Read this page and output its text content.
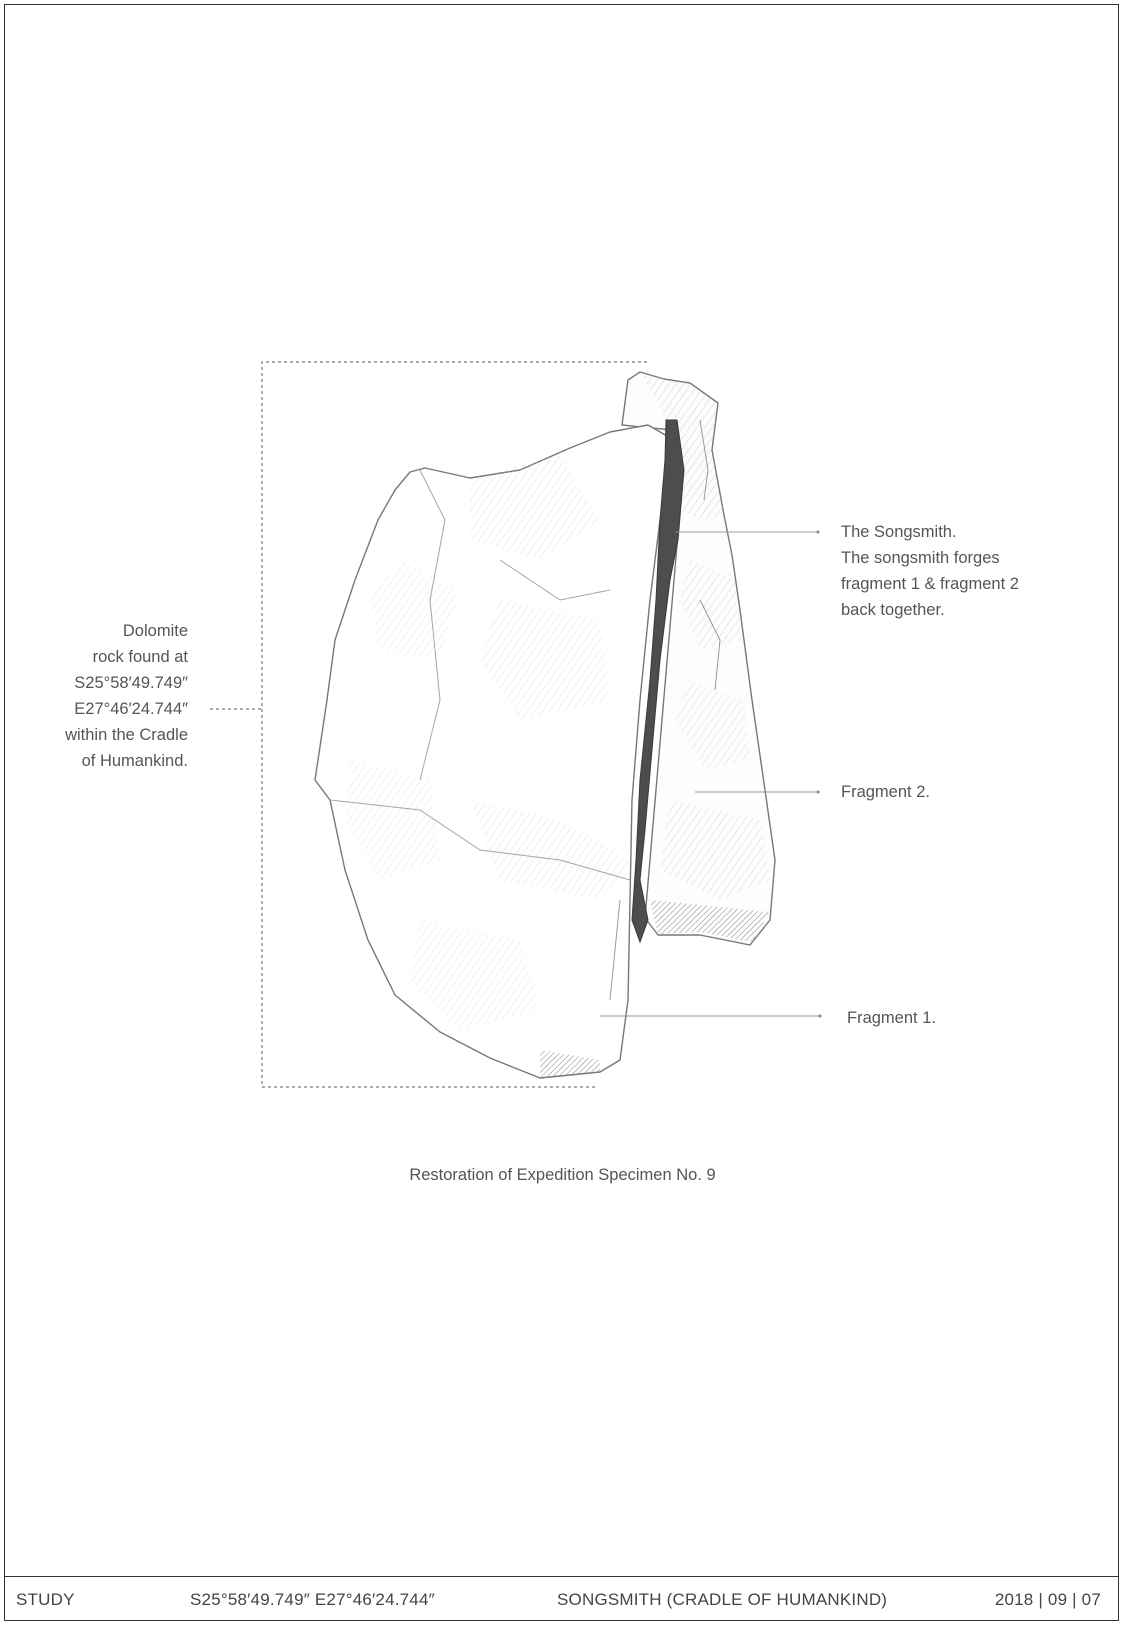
Dolomite
rock found at
S25°58′49.749″
E27°46′24.744″
within the Cradle
of Humankind.
The Songsmith.
The songsmith forges
fragment 1 & fragment 2
back together.
Fragment 2.
Fragment 1.
Restoration of Expedition Specimen No. 9
STUDY	S25°58′49.749″ E27°46′24.744″	SONGSMITH (CRADLE OF HUMANKIND)	2018 | 09 | 07
